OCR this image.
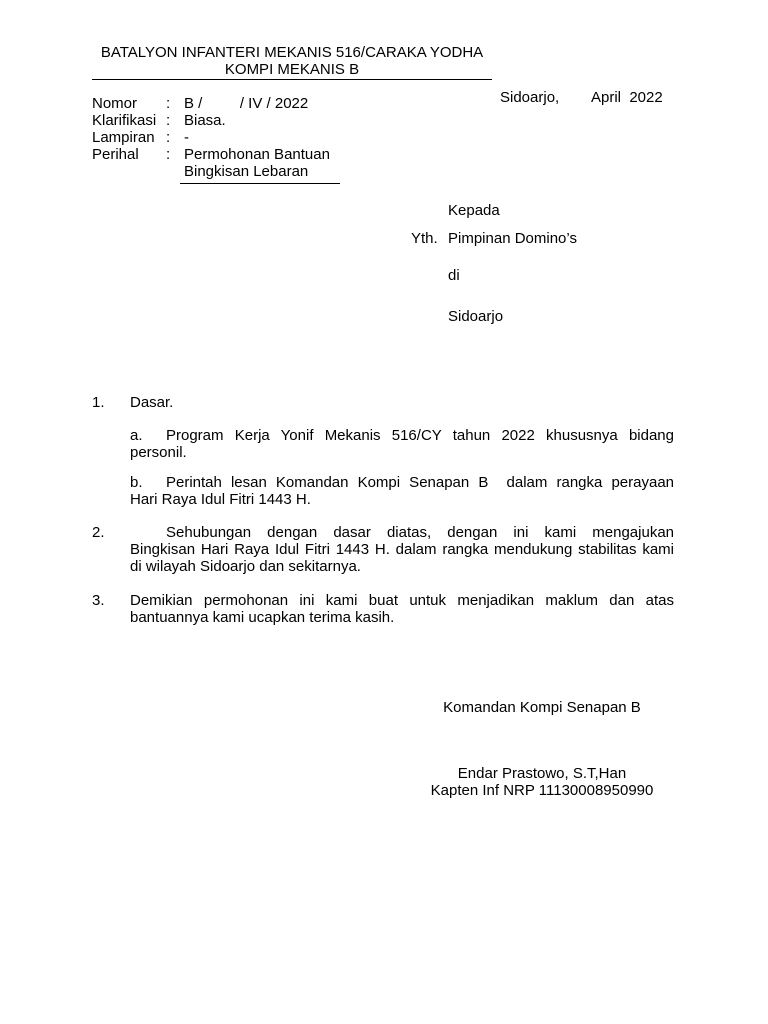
BATALYON INFANTERI MEKANIS 516/CARAKA YODHA
KOMPI MEKANIS B
Sidoarjo, April  2022
Nomor	:	B /         / IV / 2022
Klarifikasi	:	Biasa.
Lampiran	:	-
Perihal	:	Permohonan Bantuan
Bingkisan Lebaran
Kepada
Yth. Pimpinan Domino’s
di
Sidoarjo
1. Dasar.
a. Program Kerja Yonif Mekanis 516/CY tahun 2022 khususnya bidang
personil.
b. Perintah lesan Komandan Kompi Senapan B  dalam rangka perayaan
Hari Raya Idul Fitri 1443 H.
2.	Sehubungan dengan dasar diatas, dengan ini kami mengajukan
Bingkisan Hari Raya Idul Fitri 1443 H. dalam rangka mendukung stabilitas kami
di wilayah Sidoarjo dan sekitarnya.
3. Demikian permohonan ini kami buat untuk menjadikan maklum dan atas
bantuannya kami ucapkan terima kasih.
Komandan Kompi Senapan B
Endar Prastowo, S.T,Han
Kapten Inf NRP 11130008950990
